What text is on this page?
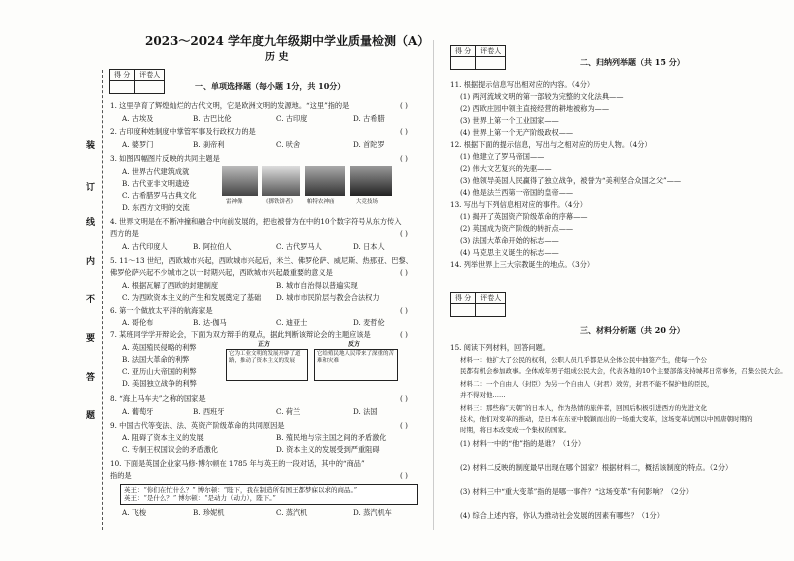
2023～2024 学年度九年级期中学业质量检测（A）
历 史
得 分	评卷人

装
订
线
内
不
要
答
题
一、单项选择题（每小题 1分，共 10分）
1. 这里孕育了辉煌灿烂的古代文明，它是欧洲文明的发源地。“这里”指的是	( )
A. 古埃及	B. 古巴比伦	C. 古印度	D. 古希腊
2. 古印度种姓制度中掌管军事及行政权力的是	( )
A. 婆罗门	B. 刹帝利	C. 吠舍	D. 首陀罗
3. 如图四幅图片反映的共同主题是	( )
A. 世界古代建筑成就
B. 古代亚非文明遗迹
C. 古希腊罗马古典文化
D. 东西方文明的交流
雷神像	《掷铁饼者》 帕特农神庙	大竞技场
4. 世界文明是在不断冲撞和融合中向前发展的，把也被誉为在中的10个数字符号从东方传入
西方的是	( )
A. 古代印度人	B. 阿拉伯人	C. 古代罗马人	D. 日本人
5. 11～13 世纪，西欧城市兴起，西欧城市兴起后，米兰、佛罗伦萨、威尼斯、热那亚、巴黎、
佛罗伦萨兴起不少城市之以一时期兴起，西欧城市兴起最重要的意义是	( )
A. 根据瓦解了西欧的封建制度	B. 城市自治得以普遍实现
C. 为西欧资本主义的产生和发展奠定了基础 D. 城市市民阶层与教会合法权力
6. 第一个做放太平洋的航海家是	( )
A. 哥伦布	B. 达·伽马	C. 迪亚士	D. 麦哲伦
7. 某班同学学开辩论会，下面为双方辩手的观点，据此判断该辩论会的主题应该是	( )
A. 英国殖民侵略的利弊
B. 法国大革命的利弊
C. 亚历山大帝国的利弊
D. 美国独立战争的利弊
正方	反方
它为工业文明的发展开辟了道路，推动了资本主义的发展
它给殖民地人民带来了深重的苦难和灾难
8. “海上马车夫”之称的国家是	( )
A. 葡萄牙	B. 西班牙	C. 荷兰	D. 法国
9. 中国古代等变法、法、英资产阶级革命的共同原因是	( )
A. 阻碍了资本主义的发展	B. 殖民地与宗主国之间的矛盾激化
C. 专制王权国议会的矛盾激化	D. 资本主义的发展受到严重阻碍
10. 下面是英国企业家马修·博尔顿在 1785 年与英王的一段对话，其中的“商品”
指的是	( )
英王：“你们在忙什么？” 博尔顿：“陛下，我在制造所有国王都梦寐以求的商品。”
英王：“是什么？” 博尔顿：“是动力（动力），陛下。”
A. 飞梭	B. 珍妮机	C. 蒸汽机	D. 蒸汽机车
得 分	评卷人

二、归纳列举题（共 15 分）
11. 根据提示信息写出相对应的内容。（4分）
(1) 两河流域文明的第一部较为完整的文化法典——
(2) 西欧庄园中领主直接经营的耕地被称为——
(3) 世界上第一个工业国家——
(4) 世界上第一个无产阶级政权——
12. 根据下面的提示信息，写出与之相对应的历史人物。（4分）
(1) 他建立了罗马帝国——
(2) 伟大文艺复兴的先驱——
(3) 他领导美国人民赢得了独立战争，被誉为“美利坚合众国之父”——
(4) 他是法兰西第一帝国的皇帝——
13. 写出与下列信息相对应的事件。（4分）
(1) 揭开了英国资产阶级革命的序幕——
(2) 英国成为资产阶级的转折点——
(3) 法国大革命开始的标志——
(4) 马克思主义诞生的标志——
14. 列举世界上三大宗教诞生的地点。（3分）
得 分	评卷人

三、材料分析题（共 20 分）
15. 阅读下列材料，回答问题。
材料一：他扩大了公民的权利，公职人员几乎都是从全体公民中抽签产生，使每一个公
民都有机会参加政事。全体成年男子组成公民大会，代表各地的10个主要部落支持城邦日常事务，召集公民大会。
材料二：一个自由人（封臣）为另一个自由人（封君）效劳，封君不能不保护他的臣民，
并不得对他……
材料三：那些称“天朝”的日本人，作为热情的旅伴者，回国后积极引进西方的先进文化
技术，他们对变革的推动，是日本在东亚中脱颖而出的一场重大变革，这场变革试图以中国唐朝时期的
时期，将日本改变成一个集权的国家。
(1) 材料一中的“他”指的是谁？（1分）
(2) 材料二反映的制度最早出现在哪个国家？根据材料二，概括该制度的特点。（2分）
(3) 材料三中“重大变革”指的是哪一事件？“这场变革”有何影响？（2分）
(4) 综合上述内容，你认为推动社会发展的因素有哪些？（1分）
